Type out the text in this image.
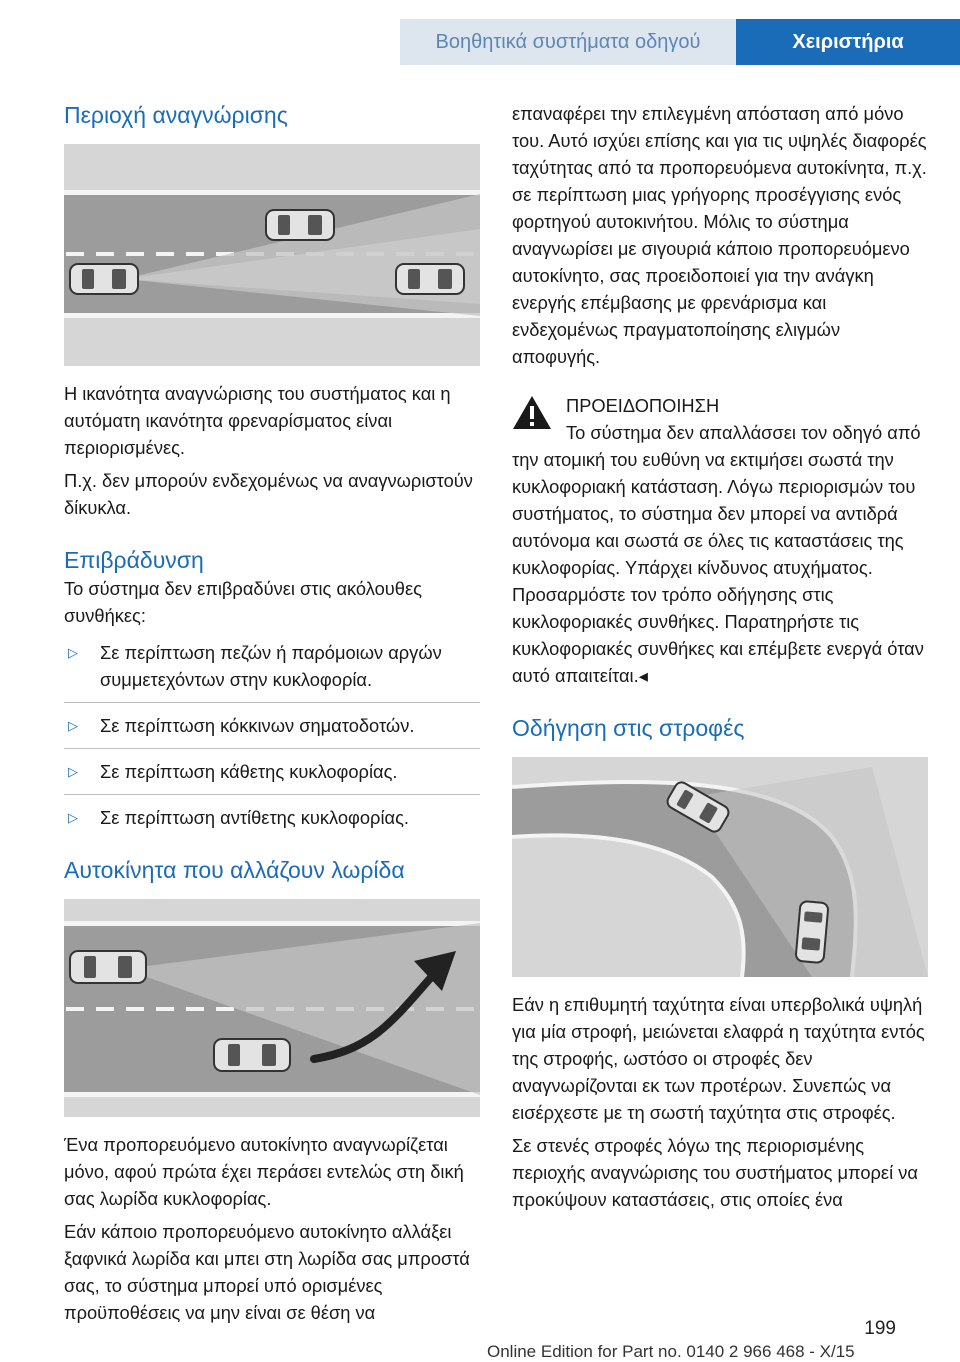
Βοηθητικά συστήματα οδηγού	Χειριστήρια
Περιοχή αναγνώρισης

Η ικανότητα αναγνώρισης του συστήματος και η αυτόματη ικανότητα φρεναρίσματος είναι περιορισμένες.

Π.χ. δεν μπορούν ενδεχομένως να αναγνωριστούν δίκυκλα.

Επιβράδυνση

Το σύστημα δεν επιβραδύνει στις ακόλουθες συνθήκες:

▷ Σε περίπτωση πεζών ή παρόμοιων αργών συμμετεχόντων στην κυκλοφορία.
▷ Σε περίπτωση κόκκινων σηματοδοτών.
▷ Σε περίπτωση κάθετης κυκλοφορίας.
▷ Σε περίπτωση αντίθετης κυκλοφορίας.
Αυτοκίνητα που αλλάζουν λωρίδα

Ένα προπορευόμενο αυτοκίνητο αναγνωρίζεται μόνο, αφού πρώτα έχει περάσει εντελώς στη δική σας λωρίδα κυκλοφορίας.

Εάν κάποιο προπορευόμενο αυτοκίνητο αλλάξει ξαφνικά λωρίδα και μπει στη λωρίδα σας μπροστά σας, το σύστημα μπορεί υπό ορισμένες προϋποθέσεις να μην είναι σε θέση να

επαναφέρει την επιλεγμένη απόσταση από μόνο του. Αυτό ισχύει επίσης και για τις υψηλές διαφορές ταχύτητας από τα προπορευόμενα αυτοκίνητα, π.χ. σε περίπτωση μιας γρήγορης προσέγγισης ενός φορτηγού αυτοκινήτου. Μόλις το σύστημα αναγνωρίσει με σιγουριά κάποιο προπορευόμενο αυτοκίνητο, σας προειδοποιεί για την ανάγκη ενεργής επέμβασης με φρενάρισμα και ενδεχομένως πραγματοποίησης ελιγμών αποφυγής.

ΠΡΟΕΙΔΟΠΟΙΗΣΗ

Το σύστημα δεν απαλλάσσει τον οδηγό από την ατομική του ευθύνη να εκτιμήσει σωστά την κυκλοφοριακή κατάσταση. Λόγω περιορισμών του συστήματος, το σύστημα δεν μπορεί να αντιδρά αυτόνομα και σωστά σε όλες τις καταστάσεις της κυκλοφορίας. Υπάρχει κίνδυνος ατυχήματος. Προσαρμόστε τον τρόπο οδήγησης στις κυκλοφοριακές συνθήκες. Παρατηρήστε τις κυκλοφοριακές συνθήκες και επέμβετε ενεργά όταν αυτό απαιτείται.◂

Οδήγηση στις στροφές

Εάν η επιθυμητή ταχύτητα είναι υπερβολικά υψηλή για μία στροφή, μειώνεται ελαφρά η ταχύτητα εντός της στροφής, ωστόσο οι στροφές δεν αναγνωρίζονται εκ των προτέρων. Συνεπώς να εισέρχεστε με τη σωστή ταχύτητα στις στροφές.

Σε στενές στροφές λόγω της περιορισμένης περιοχής αναγνώρισης του συστήματος μπορεί να προκύψουν καταστάσεις, στις οποίες ένα

199
Online Edition for Part no. 0140 2 966 468 - X/15
